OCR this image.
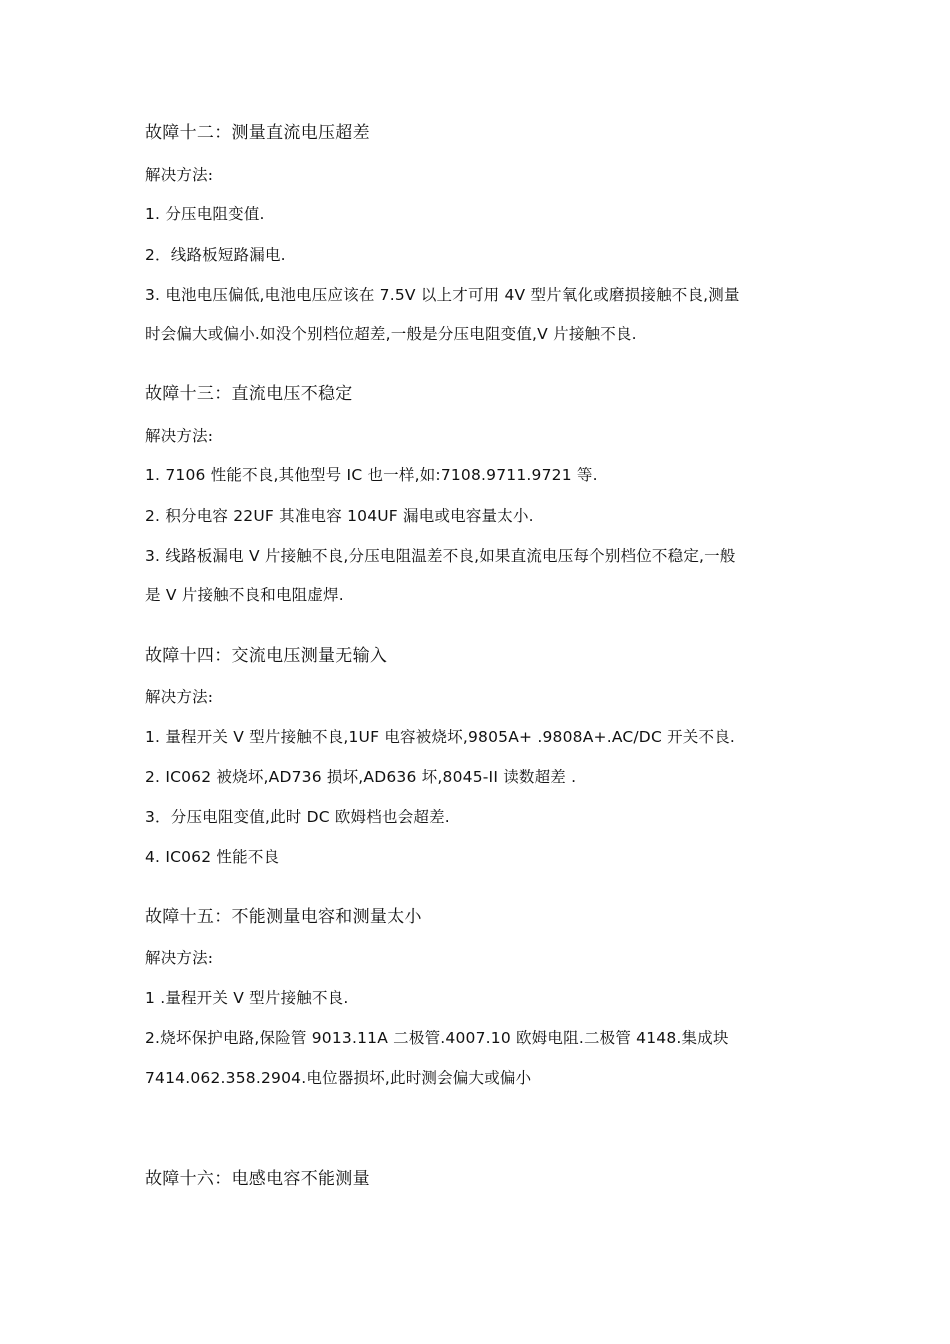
故障十二：测量直流电压超差
解决方法:
1. 分压电阻变值.
2．线路板短路漏电.
3. 电池电压偏低,电池电压应该在 7.5V 以上才可用 4V 型片氧化或磨损接触不良,测量
时会偏大或偏小.如没个别档位超差,一般是分压电阻变值,V 片接触不良.
故障十三：直流电压不稳定
解决方法:
1. 7106 性能不良,其他型号 IC 也一样,如:7108.9711.9721 等.
2. 积分电容 22UF 其准电容 104UF 漏电或电容量太小.
3. 线路板漏电 V 片接触不良,分压电阻温差不良,如果直流电压每个别档位不稳定,一般
是 V 片接触不良和电阻虚焊.
故障十四：交流电压测量无输入
解决方法:
1. 量程开关 V 型片接触不良,1UF 电容被烧坏,9805A+ .9808A+.AC/DC 开关不良.
2. IC062 被烧坏,AD736 损坏,AD636 坏,8045-II 读数超差 .
3．分压电阻变值,此时 DC 欧姆档也会超差.
4. IC062 性能不良
故障十五：不能测量电容和测量太小
解决方法:
1 .量程开关 V 型片接触不良.
2.烧坏保护电路,保险管 9013.11A 二极管.4007.10 欧姆电阻.二极管 4148.集成块
7414.062.358.2904.电位器损坏,此时测会偏大或偏小
故障十六：电感电容不能测量
